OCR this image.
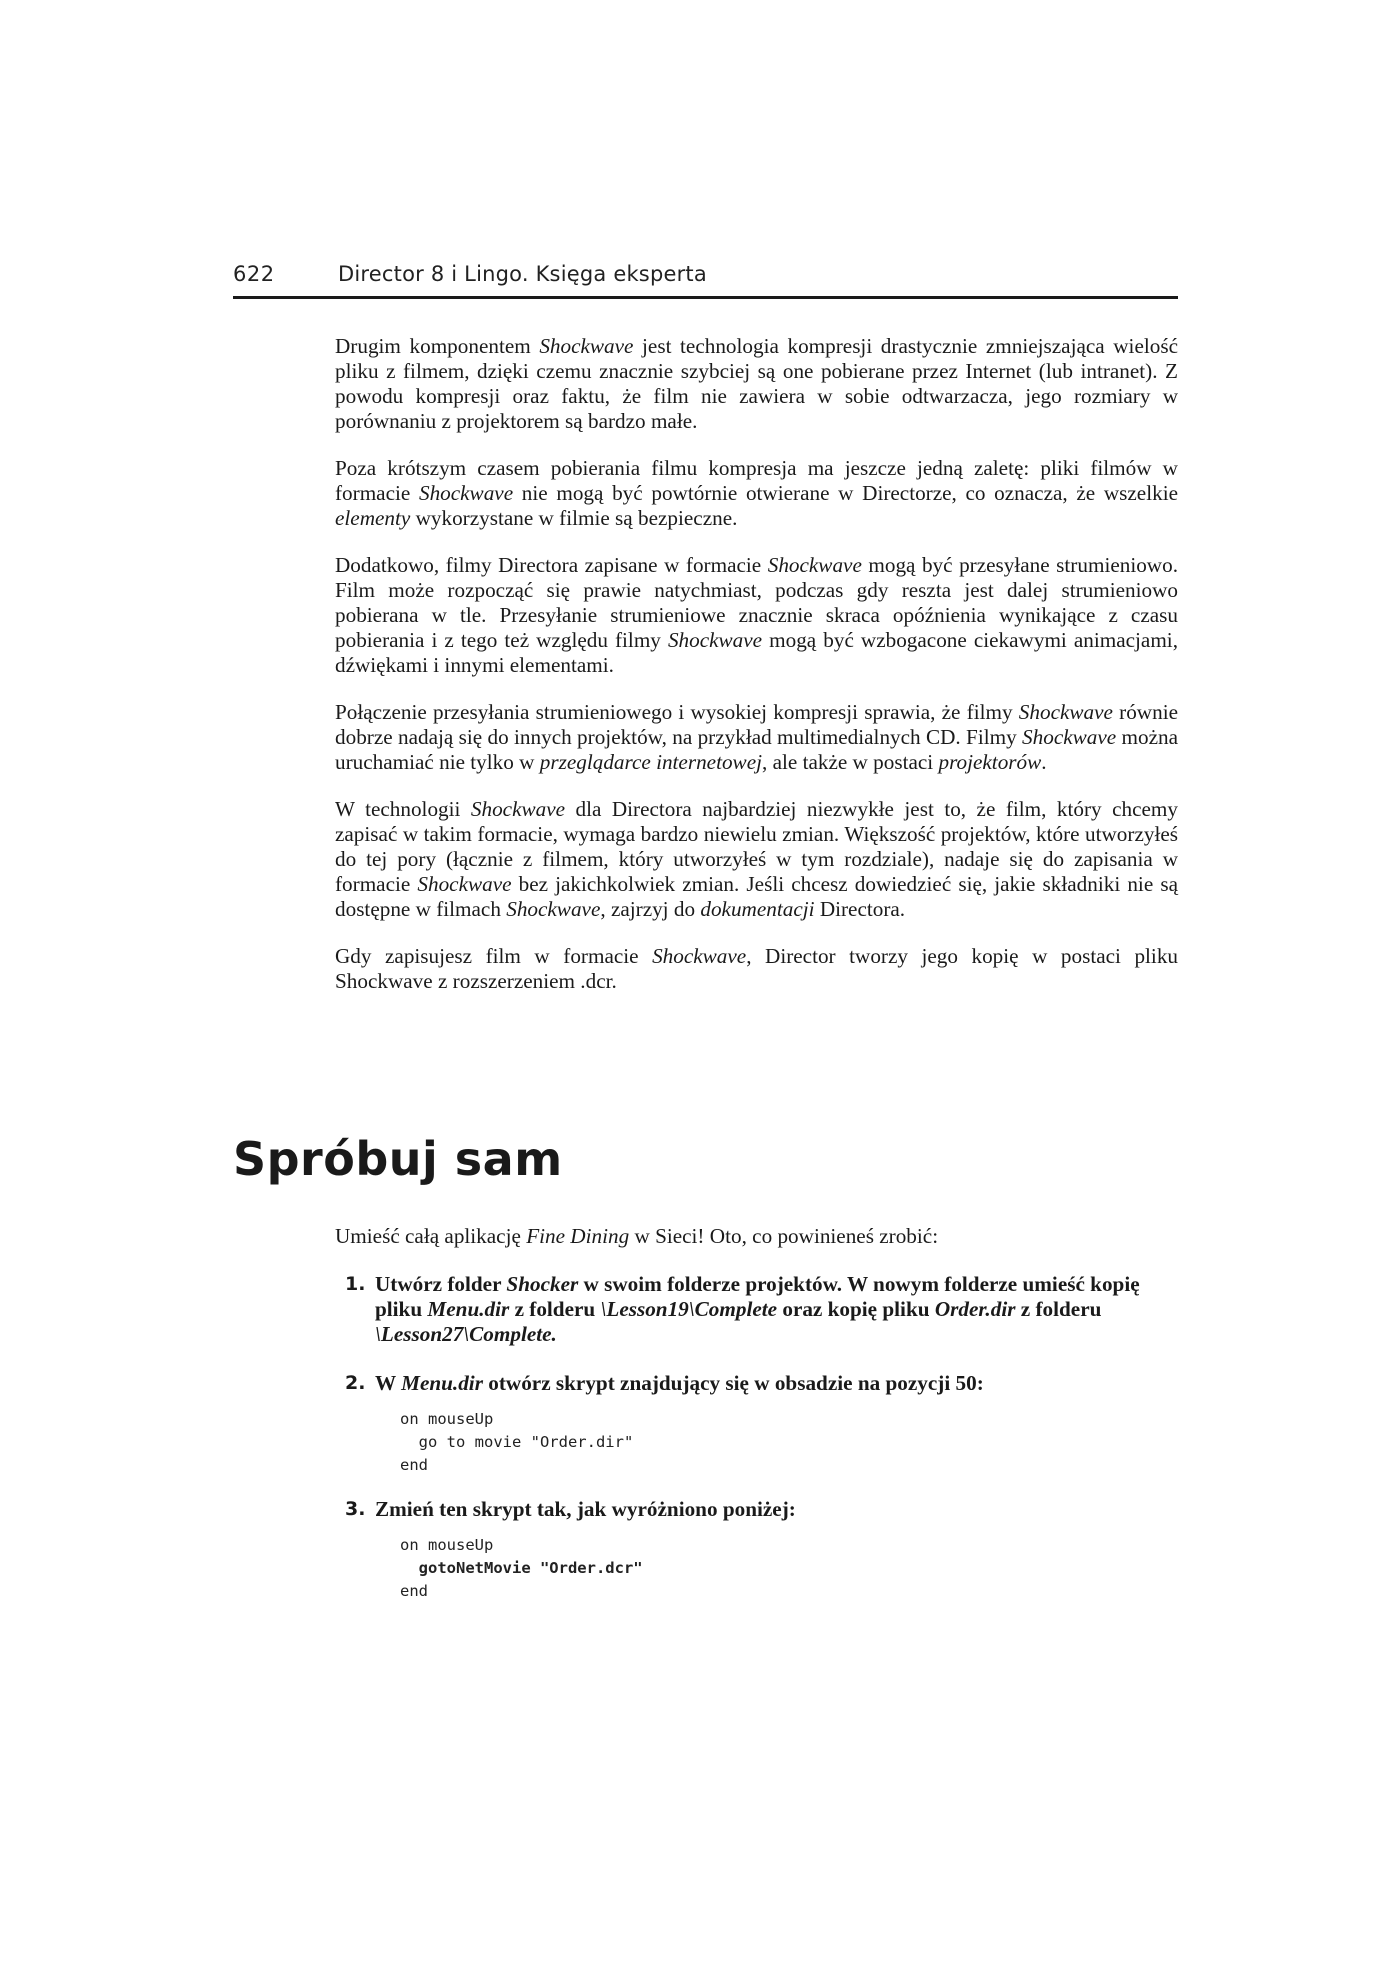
622	Director 8 i Lingo. Księga eksperta

Drugim komponentem Shockwave jest technologia kompresji drastycznie zmniejszająca wielość pliku z filmem, dzięki czemu znacznie szybciej są one pobierane przez Internet (lub intranet). Z powodu kompresji oraz faktu, że film nie zawiera w sobie odtwarzacza, jego rozmiary w porównaniu z projektorem są bardzo małe.

Poza krótszym czasem pobierania filmu kompresja ma jeszcze jedną zaletę: pliki filmów w formacie Shockwave nie mogą być powtórnie otwierane w Directorze, co oznacza, że wszelkie elementy wykorzystane w filmie są bezpieczne.

Dodatkowo, filmy Directora zapisane w formacie Shockwave mogą być przesyłane strumieniowo. Film może rozpocząć się prawie natychmiast, podczas gdy reszta jest dalej strumieniowo pobierana w tle. Przesyłanie strumieniowe znacznie skraca opóźnienia wynikające z czasu pobierania i z tego też względu filmy Shockwave mogą być wzbogacone ciekawymi animacjami, dźwiękami i innymi elementami.

Połączenie przesyłania strumieniowego i wysokiej kompresji sprawia, że filmy Shockwave równie dobrze nadają się do innych projektów, na przykład multimedialnych CD. Filmy Shockwave można uruchamiać nie tylko w przeglądarce internetowej, ale także w postaci projektorów.

W technologii Shockwave dla Directora najbardziej niezwykłe jest to, że film, który chcemy zapisać w takim formacie, wymaga bardzo niewielu zmian. Większość projektów, które utworzyłeś do tej pory (łącznie z filmem, który utworzyłeś w tym rozdziale), nadaje się do zapisania w formacie Shockwave bez jakichkolwiek zmian. Jeśli chcesz dowiedzieć się, jakie składniki nie są dostępne w filmach Shockwave, zajrzyj do dokumentacji Directora.

Gdy zapisujesz film w formacie Shockwave, Director tworzy jego kopię w postaci pliku Shockwave z rozszerzeniem .dcr.

Spróbuj sam
Umieść całą aplikację Fine Dining w Sieci! Oto, co powinieneś zrobić:
1. Utwórz folder Shocker w swoim folderze projektów. W nowym folderze umieść kopię pliku Menu.dir z folderu \Lesson19\Complete oraz kopię pliku Order.dir z folderu \Lesson27\Complete.
2. W Menu.dir otwórz skrypt znajdujący się w obsadzie na pozycji 50:
on mouseUp
go to movie "Order.dir"
end
3. Zmień ten skrypt tak, jak wyróżniono poniżej:
on mouseUp
gotoNetMovie "Order.dcr"
end
